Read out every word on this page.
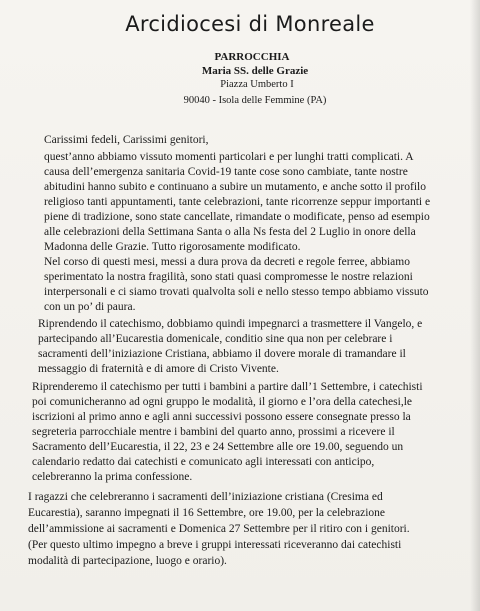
Arcidiocesi di Monreale
PARROCCHIA
Maria SS. delle Grazie
Piazza Umberto I
90040 - Isola delle Femmine (PA)
Carissimi fedeli, Carissimi genitori,
quest’anno abbiamo vissuto momenti particolari e per lunghi tratti complicati. A
causa dell’emergenza sanitaria Covid-19 tante cose sono cambiate, tante nostre
abitudini hanno subito e continuano a subire un mutamento, e anche sotto il profilo
religioso tanti appuntamenti, tante celebrazioni, tante ricorrenze seppur importanti e
piene di tradizione, sono state cancellate, rimandate o modificate, penso ad esempio
alle celebrazioni della Settimana Santa o alla Ns festa del 2 Luglio in onore della
Madonna delle Grazie. Tutto rigorosamente modificato.
Nel corso di questi mesi, messi a dura prova da decreti e regole ferree, abbiamo
sperimentato la nostra fragilità, sono stati quasi compromesse le nostre relazioni
interpersonali e ci siamo trovati qualvolta soli e nello stesso tempo abbiamo vissuto
con un po’ di paura.
Riprendendo il catechismo, dobbiamo quindi impegnarci a trasmettere il Vangelo, e
partecipando all’Eucarestia domenicale, conditio sine qua non per celebrare i
sacramenti dell’iniziazione Cristiana, abbiamo il dovere morale di tramandare il
messaggio di fraternità e di amore di Cristo Vivente.
Riprenderemo il catechismo per tutti i bambini a partire dall’1 Settembre, i catechisti
poi comunicheranno ad ogni gruppo le modalità, il giorno e l’ora della catechesi,le
iscrizioni al primo anno e agli anni successivi possono essere consegnate presso la
segreteria parrocchiale mentre i bambini del quarto anno, prossimi a ricevere il
Sacramento dell’Eucarestia, il 22, 23 e 24 Settembre alle ore 19.00, seguendo un
calendario redatto dai catechisti e comunicato agli interessati con anticipo,
celebreranno la prima confessione.
I ragazzi che celebreranno i sacramenti dell’iniziazione cristiana (Cresima ed
Eucarestia), saranno impegnati il 16 Settembre, ore 19.00, per la celebrazione
dell’ammissione ai sacramenti e Domenica 27 Settembre per il ritiro con i genitori.
(Per questo ultimo impegno a breve i gruppi interessati riceveranno dai catechisti
modalità di partecipazione, luogo e orario).
